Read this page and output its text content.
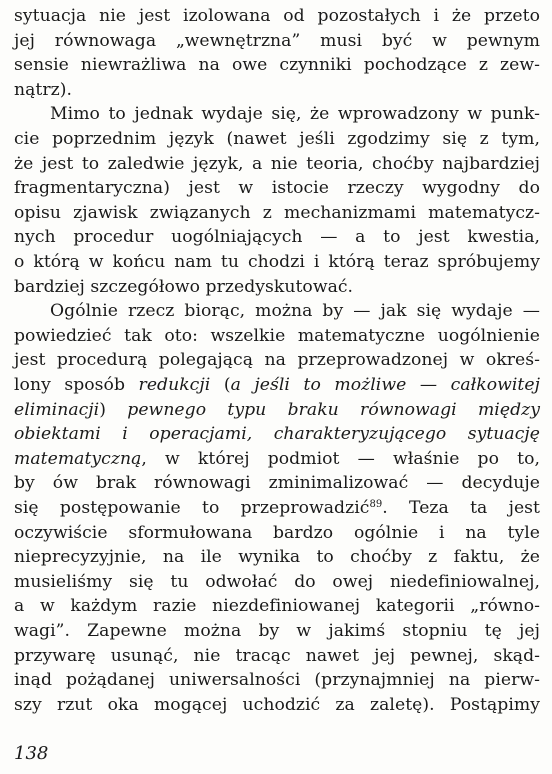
sytuacja nie jest izolowana od pozostałych i że przeto
jej równowaga „wewnętrzna” musi być w pewnym
sensie niewrażliwa na owe czynniki pochodzące z zew-
nątrz).
Mimo to jednak wydaje się, że wprowadzony w punk-
cie poprzednim język (nawet jeśli zgodzimy się z tym,
że jest to zaledwie język, a nie teoria, choćby najbardziej
fragmentaryczna) jest w istocie rzeczy wygodny do
opisu zjawisk związanych z mechanizmami matematycz-
nych procedur uogólniających — a to jest kwestia,
o którą w końcu nam tu chodzi i którą teraz spróbujemy
bardziej szczegółowo przedyskutować.
Ogólnie rzecz biorąc, można by — jak się wydaje —
powiedzieć tak oto: wszelkie matematyczne uogólnienie
jest procedurą polegającą na przeprowadzonej w okreś-
lony sposób redukcji (a jeśli to możliwe — całkowitej
eliminacji) pewnego typu braku równowagi między
obiektami i operacjami, charakteryzującego sytuację
matematyczną, w której podmiot — właśnie po to,
by ów brak równowagi zminimalizować — decyduje
się postępowanie to przeprowadzić$^{89}$. Teza ta jest
oczywiście sformułowana bardzo ogólnie i na tyle
nieprecyzyjnie, na ile wynika to choćby z faktu, że
musieliśmy się tu odwołać do owej niedefiniowalnej,
a w każdym razie niezdefiniowanej kategorii „równo-
wagi”. Zapewne można by w jakimś stopniu tę jej
przywarę usunąć, nie tracąc nawet jej pewnej, skąd-
inąd pożądanej uniwersalności (przynajmniej na pierw-
szy rzut oka mogącej uchodzić za zaletę). Postąpimy
138
